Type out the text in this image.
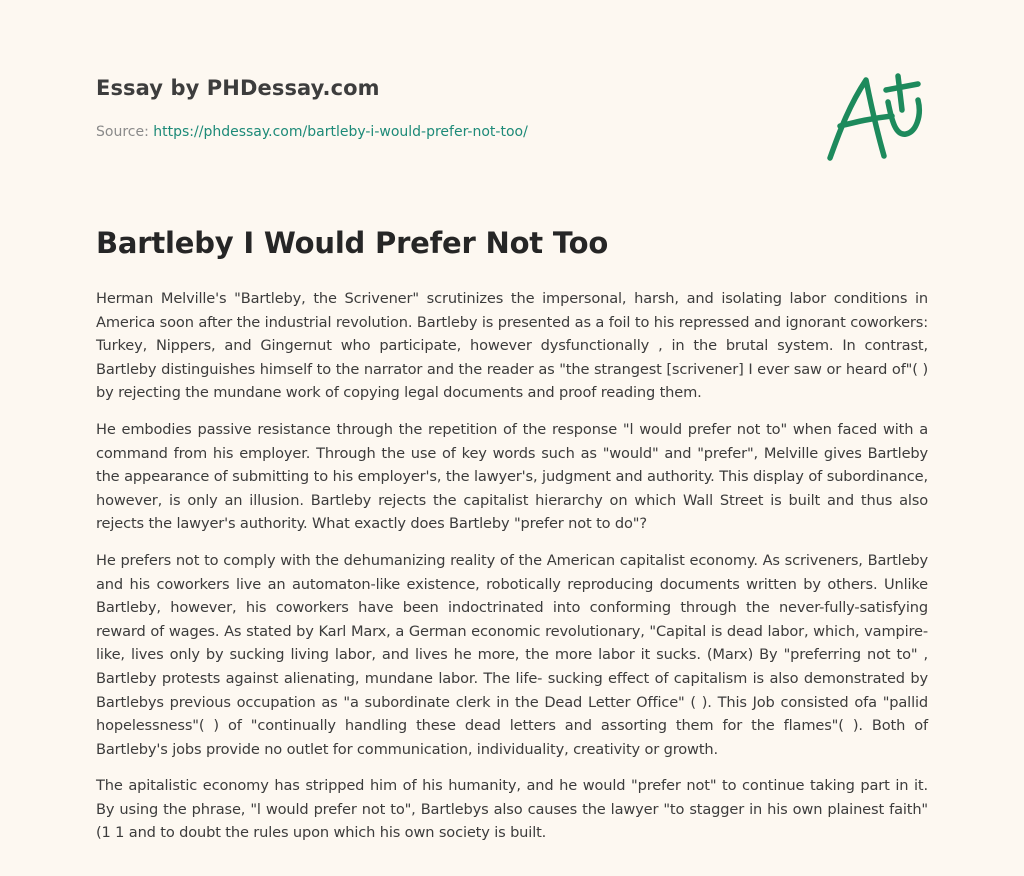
Essay by PHDessay.com

Source: https://phdessay.com/bartleby-i-would-prefer-not-too/

Bartleby I Would Prefer Not Too

Herman Melville's "Bartleby, the Scrivener" scrutinizes the impersonal, harsh, and isolating labor conditions in America soon after the industrial revolution. Bartleby is presented as a foil to his repressed and ignorant coworkers: Turkey, Nippers, and Gingernut who participate, however dysfunctionally , in the brutal system. In contrast, Bartleby distinguishes himself to the narrator and the reader as "the strangest [scrivener] I ever saw or heard of"( ) by rejecting the mundane work of copying legal documents and proof reading them.

He embodies passive resistance through the repetition of the response "l would prefer not to" when faced with a command from his employer. Through the use of key words such as "would" and "prefer", Melville gives Bartleby the appearance of submitting to his employer's, the lawyer's, judgment and authority. This display of subordinance, however, is only an illusion. Bartleby rejects the capitalist hierarchy on which Wall Street is built and thus also rejects the lawyer's authority. What exactly does Bartleby "prefer not to do"?

He prefers not to comply with the dehumanizing reality of the American capitalist economy. As scriveners, Bartleby and his coworkers live an automaton-like existence, robotically reproducing documents written by others. Unlike Bartleby, however, his coworkers have been indoctrinated into conforming through the never-fully-satisfying reward of wages. As stated by Karl Marx, a German economic revolutionary, "Capital is dead labor, which, vampire-like, lives only by sucking living labor, and lives he more, the more labor it sucks. (Marx) By "preferring not to" , Bartleby protests against alienating, mundane labor. The life- sucking effect of capitalism is also demonstrated by Bartlebys previous occupation as "a subordinate clerk in the Dead Letter Office" ( ). This Job consisted ofa "pallid hopelessness"( ) of "continually handling these dead letters and assorting them for the flames"( ). Both of Bartleby's jobs provide no outlet for communication, individuality, creativity or growth.

The apitalistic economy has stripped him of his humanity, and he would "prefer not" to continue taking part in it. By using the phrase, "l would prefer not to", Bartlebys also causes the lawyer "to stagger in his own plainest faith" (1 1 and to doubt the rules upon which his own society is built.
